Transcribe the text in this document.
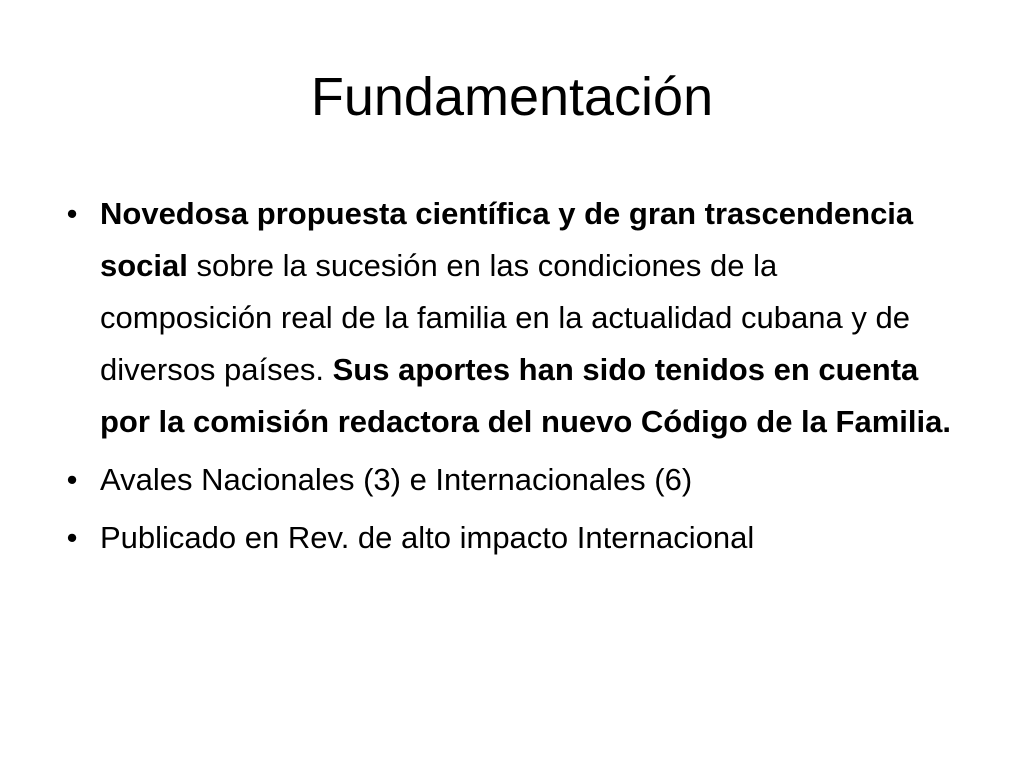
Fundamentación
• Novedosa propuesta científica y de gran trascendencia social sobre la sucesión en las condiciones de la composición real de la familia en la actualidad cubana y de diversos países. Sus aportes han sido tenidos en cuenta por la comisión redactora del nuevo Código de la Familia.
• Avales Nacionales (3) e Internacionales (6)
• Publicado en Rev. de alto impacto Internacional
